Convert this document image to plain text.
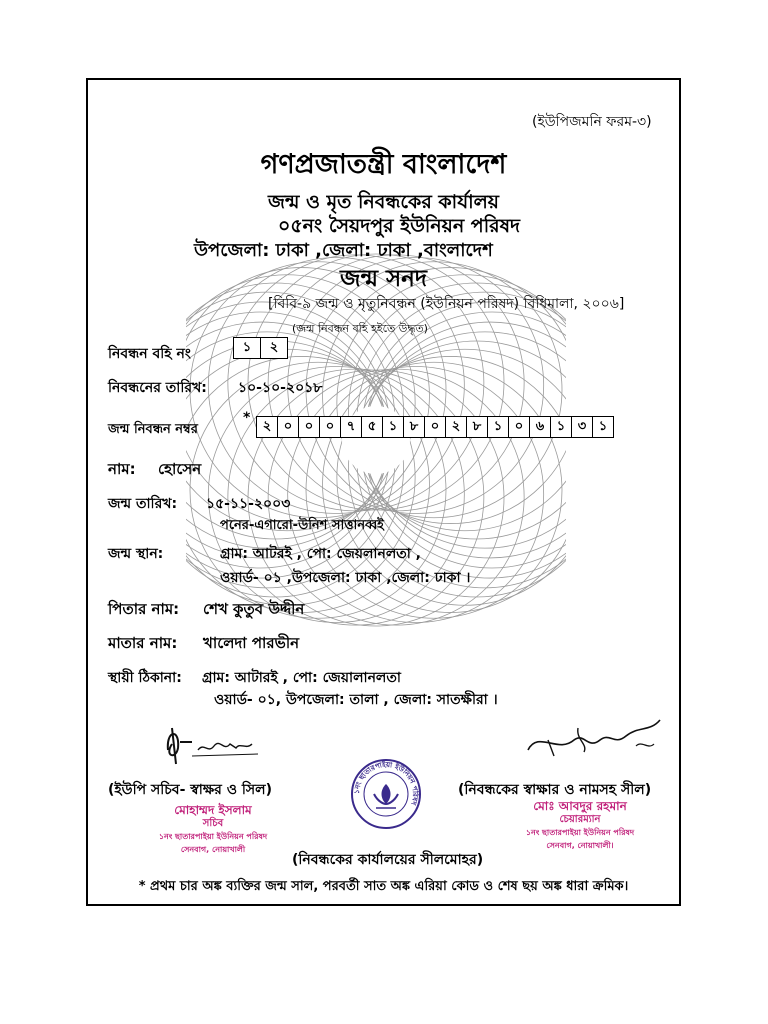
(ইউপিজমনি ফরম-৩)
গণপ্রজাতন্ত্রী বাংলাদেশ
জন্ম ও মৃত নিবন্ধকের কার্যালয়
০৫নং সৈয়দপুর ইউনিয়ন পরিষদ
উপজেলা: ঢাকা ,জেলা: ঢাকা ,বাংলাদেশ
জন্ম সনদ
[বিবি-৯ জন্ম ও মৃতুনিবন্ধন (ইউনিয়ন পরিষদ) বিধিমালা, ২০০৬]
(জন্ম নিবন্ধন বহি হইতে উদ্ধৃত)
নিবন্ধন বহি নং	১	২
নিবন্ধনের তারিখ: ১০-১০-২০১৮
জন্ম নিবন্ধন নম্বর
*
২ ০ ০ ০ ৭ ৫ ১ ৮ ০ ২ ৮ ১ ০ ৬ ১ ৩ ১
নাম: হোসেন
জন্ম তারিখ: ১৫-১১-২০০৩
পনের-এগারো-উনিশ সাত্তানব্বই
জন্ম স্থান:	গ্রাম: আটরই , পো: জেয়লানলতা ,
ওয়ার্ড- ০১ ,উপজেলা: ঢাকা ,জেলা: ঢাকা ।
পিতার নাম: শেখ কুতুব উদ্দীন
মাতার নাম: খালেদা পারভীন
স্থায়ী ঠিকানা: গ্রাম: আটারই , পো: জেয়ালানলতা
ওয়ার্ড- ০১, উপজেলা: তালা , জেলা: সাতক্ষীরা ।
(ইউপি সচিব- স্বাক্ষর ও সিল)	(নিবন্ধকের স্বাক্ষার ও নামসহ সীল)
মোহাম্মদ ইসলাম
সচিব
১নং ছাতারপাইয়া ইউনিয়ন পরিষদ
সেনবাগ, নোয়াখালী
মোঃ আবদুর রহমান
চেয়ারম্যান
১নং ছাতারপাইয়া ইউনিয়ন পরিষদ
সেনবাগ, নোয়াখালী।
১নং ছাতারপাইয়া ইউনিয়ন পরিষদ
(নিবন্ধকের কার্যালয়ের সীলমোহর)
* প্রথম চার অঙ্ক ব্যক্তির জন্ম সাল, পরবর্তী সাত অঙ্ক এরিয়া কোড ও শেষ ছয় অঙ্ক ধারা ক্রমিক।
